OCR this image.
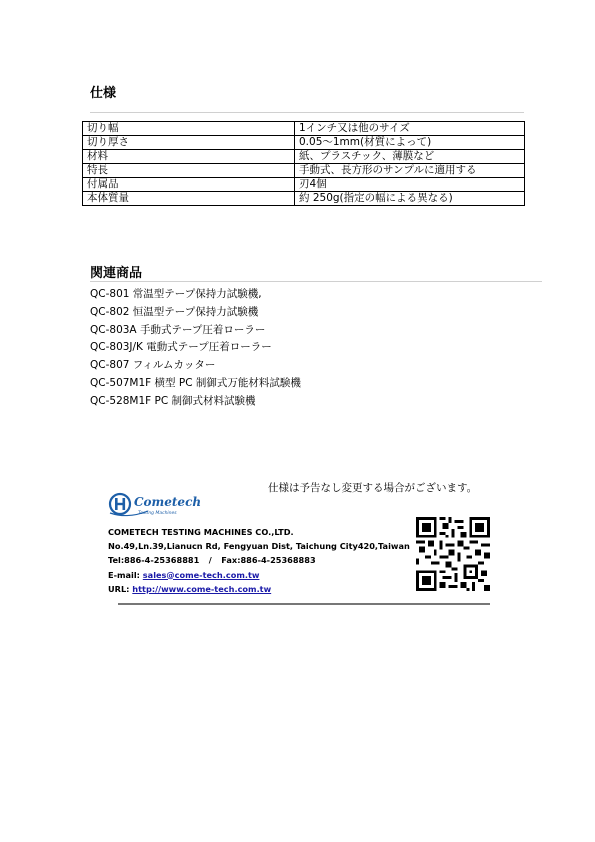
仕様
切り幅	1インチ又は他のサイズ
切り厚さ	0.05～1mm(材質によって)
材料	紙、プラスチック、薄膜など
特長	手動式、長方形のサンプルに適用する
付属品	刃4個
本体質量	約 250g(指定の幅による異なる)
関連商品
QC-801 常温型テープ保持力試験機,
QC-802 恒温型テープ保持力試験機
QC-803A 手動式テープ圧着ローラー
QC-803J/K 電動式テープ圧着ローラー
QC-807 フィルムカッター
QC-507M1F 横型 PC 制御式万能材料試験機
QC-528M1F PC 制御式材料試験機
仕様は予告なし変更する場合がございます。
Cometech
Testing Machines
COMETECH TESTING MACHINES CO.,LTD.
No.49,Ln.39,Lianucn Rd, Fengyuan Dist, Taichung City420,Taiwan
Tel:886-4-25368881 / Fax:886-4-25368883
E-mail: sales@come-tech.com.tw
URL: http://www.come-tech.com.tw
